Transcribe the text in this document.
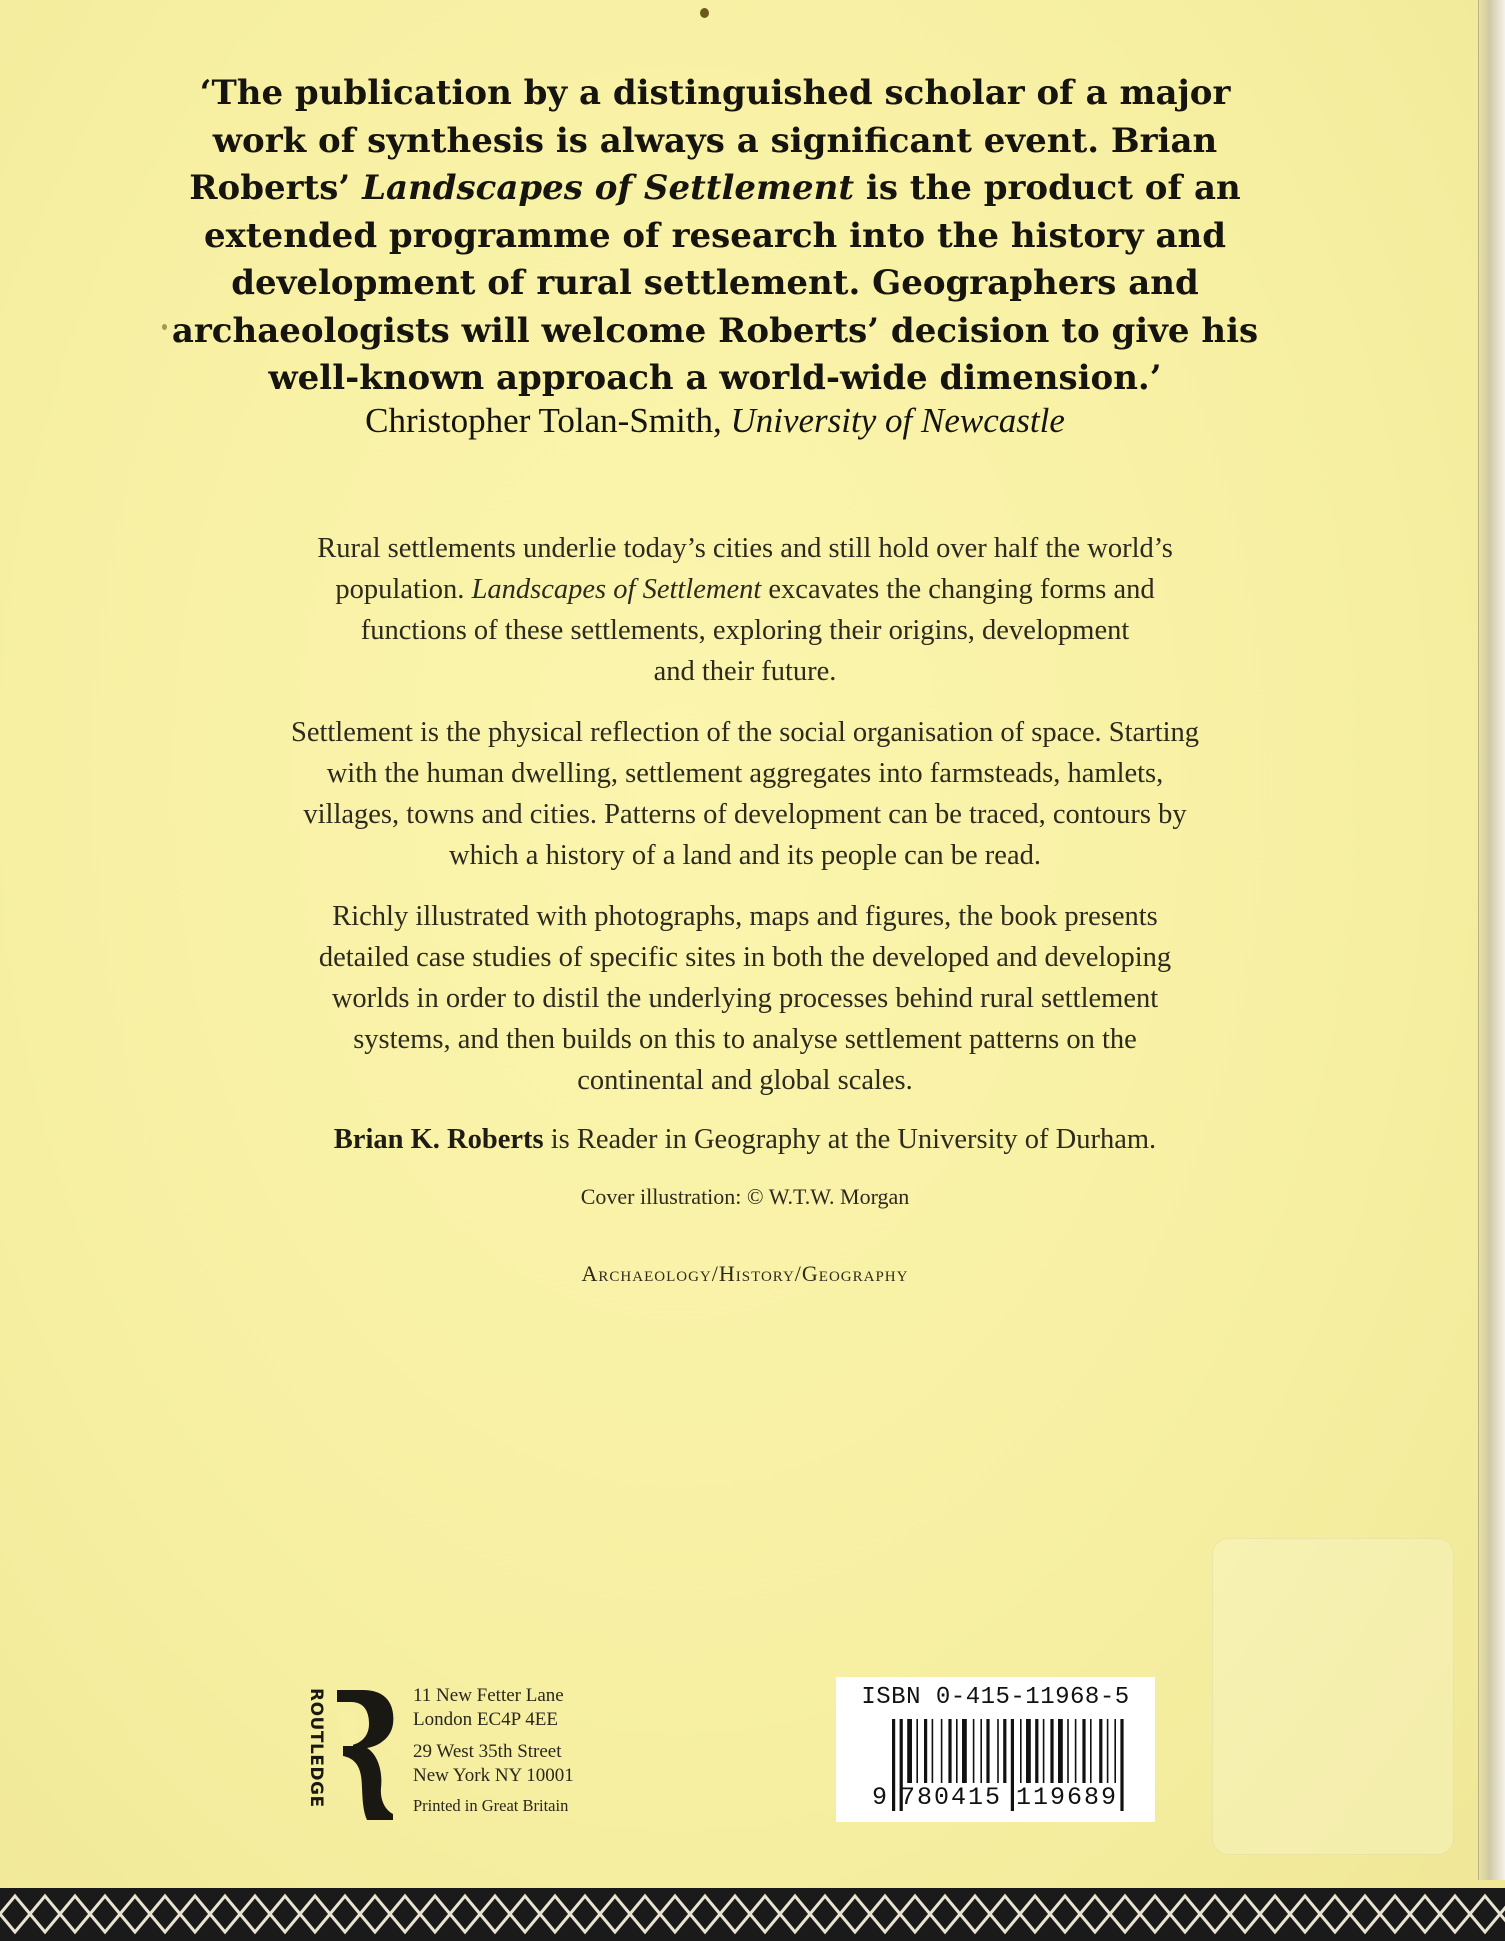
‘The publication by a distinguished scholar of a major
work of synthesis is always a significant event. Brian
Roberts’ Landscapes of Settlement is the product of an
extended programme of research into the history and
development of rural settlement. Geographers and
archaeologists will welcome Roberts’ decision to give his
well-known approach a world-wide dimension.’
Christopher Tolan-Smith, University of Newcastle
Rural settlements underlie today’s cities and still hold over half the world’s
population. Landscapes of Settlement excavates the changing forms and
functions of these settlements, exploring their origins, development
and their future.
Settlement is the physical reflection of the social organisation of space. Starting
with the human dwelling, settlement aggregates into farmsteads, hamlets,
villages, towns and cities. Patterns of development can be traced, contours by
which a history of a land and its people can be read.
Richly illustrated with photographs, maps and figures, the book presents
detailed case studies of specific sites in both the developed and developing
worlds in order to distil the underlying processes behind rural settlement
systems, and then builds on this to analyse settlement patterns on the
continental and global scales.
Brian K. Roberts is Reader in Geography at the University of Durham.
Cover illustration: © W.T.W. Morgan
Archaeology/History/Geography
ROUTLEDGE	11 New Fetter Lane
London EC4P 4EE
29 West 35th Street
New York NY 10001
Printed in Great Britain
ISBN 0-415-11968-5
9 780415 119689
